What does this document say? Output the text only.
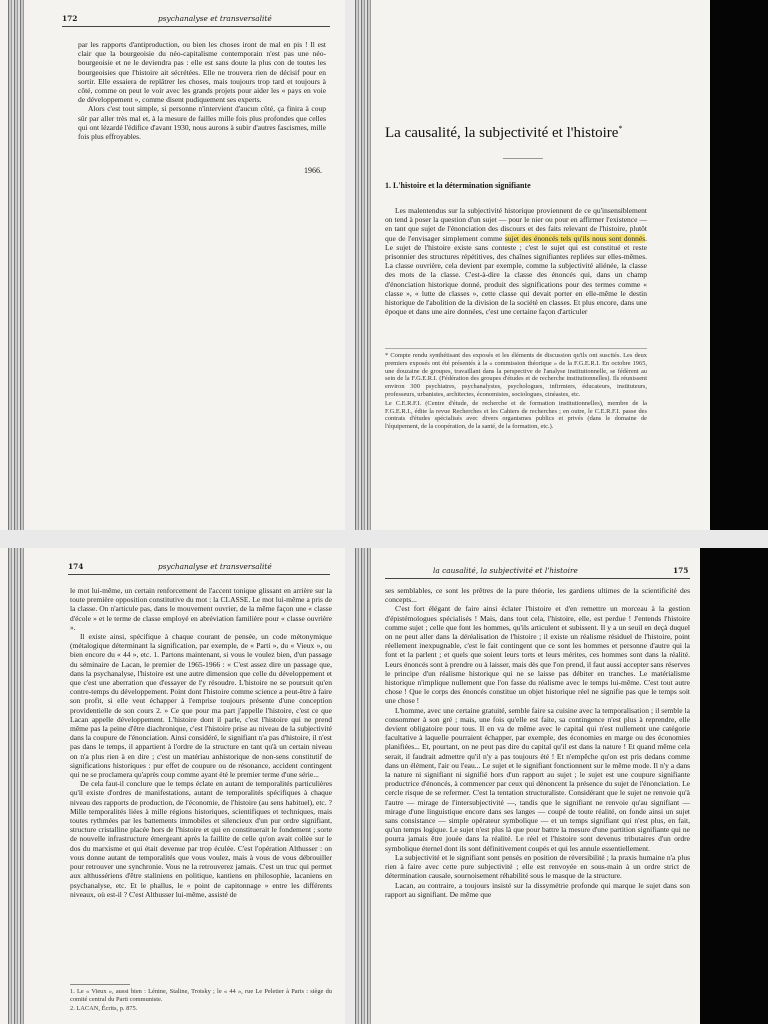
172	psychanalyse et transversalité

par les rapports d'antiproduction, ou bien les choses iront de mal en pis ! Il est clair que la bourgeoisie du néo-capitalisme contemporain n'est pas une néo-bourgeoisie et ne le deviendra pas : elle est sans doute la plus con de toutes les bourgeoisies que l'histoire ait sécrétées. Elle ne trouvera rien de décisif pour en sortir. Elle essaiera de replâtrer les choses, mais toujours trop tard et toujours à côté, comme on peut le voir avec les grands projets pour aider les « pays en voie de développement », comme disent pudiquement ses experts.

Alors c'est tout simple, si personne n'intervient d'aucun côté, ça finira à coup sûr par aller très mal et, à la mesure de failles mille fois plus profondes que celles qui ont lézardé l'édifice d'avant 1930, nous aurons à subir d'autres fascismes, mille fois plus effroyables.

1966.
La causalité, la subjectivité et l'histoire*
1. L'histoire et la détermination signifiante

Les malentendus sur la subjectivité historique proviennent de ce qu'insensiblement on tend à poser la question d'un sujet — pour le nier ou pour en affirmer l'existence — en tant que sujet de l'énonciation des discours et des faits relevant de l'histoire, plutôt que de l'envisager simplement comme sujet des énoncés tels qu'ils nous sont donnés. Le sujet de l'histoire existe sans conteste ; c'est le sujet qui est constitué et reste prisonnier des structures répétitives, des chaînes signifiantes repliées sur elles-mêmes. La classe ouvrière, cela devient par exemple, comme la subjectivité aliénée, la classe des mots de la classe. C'est-à-dire la classe des énoncés qui, dans un champ d'énonciation historique donné, produit des significations pour des termes comme « classe », « lutte de classes », cette classe qui devait porter en elle-même le destin historique de l'abolition de la division de la société en classes. Et plus encore, dans une époque et dans une aire données, c'est une certaine façon d'articuler

* Compte rendu synthétisant des exposés et les éléments de discussion qu'ils ont suscités. Les deux premiers exposés ont été présentés à la « commission théorique » de la F.G.E.R.I. En octobre 1965, une douzaine de groupes, travaillant dans la perspective de l'analyse institutionnelle, se fédèrent au sein de la F.G.E.R.I. (Fédération des groupes d'études et de recherche institutionnelles). Ils réunissent environ 300 psychiatres, psychanalystes, psychologues, infirmiers, éducateurs, instituteurs, professeurs, urbanistes, architectes, économistes, sociologues, cinéastes, etc.

Le C.E.R.F.I. (Centre d'étude, de recherche et de formation institutionnelles), membre de la F.G.E.R.I., édite la revue Recherches et les Cahiers de recherches ; en outre, le C.E.R.F.I. passe des contrats d'études spécialisés avec divers organismes publics et privés (dans le domaine de l'équipement, de la coopération, de la santé, de la formation, etc.).

174	psychanalyse et transversalité

le mot lui-même, un certain renforcement de l'accent tonique glissant en arrière sur la toute première opposition constitutive du mot : la CLASSE. Le mot lui-même a pris de la classe. On n'articule pas, dans le mouvement ouvrier, de la même façon une « classe d'école » et le terme de classe employé en abréviation familière pour « classe ouvrière ».

Il existe ainsi, spécifique à chaque courant de pensée, un code métonymique (métalogique déterminant la signification, par exemple, de « Parti », du « Vieux », ou bien encore du « 44 », etc. 1. Partons maintenant, si vous le voulez bien, d'un passage du séminaire de Lacan, le premier de 1965-1966 : « C'est assez dire un passage que, dans la psychanalyse, l'histoire est une autre dimension que celle du développement et que c'est une aberration que d'essayer de l'y résoudre. L'histoire ne se poursuit qu'en contre-temps du développement. Point dont l'histoire comme science a peut-être à faire son profit, si elle veut échapper à l'emprise toujours présente d'une conception providentielle de son cours 2. » Ce que pour ma part j'appelle l'histoire, c'est ce que Lacan appelle développement. L'histoire dont il parle, c'est l'histoire qui ne prend même pas la peine d'être diachronique, c'est l'histoire prise au niveau de la subjectivité dans la coupure de l'énonciation. Ainsi considéré, le signifiant n'a pas d'histoire, il n'est pas dans le temps, il appartient à l'ordre de la structure en tant qu'à un certain niveau on n'a plus rien à en dire ; c'est un matériau anhistorique de non-sens constitutif de significations historiques : pur effet de coupure ou de résonance, accident contingent qui ne se proclamera qu'après coup comme ayant été le premier terme d'une série...

De cela faut-il conclure que le temps éclate en autant de temporalités particulières qu'il existe d'ordres de manifestations, autant de temporalités spécifiques à chaque niveau des rapports de production, de l'économie, de l'histoire (au sens habituel), etc. ? Mille temporalités liées à mille régions historiques, scientifiques et techniques, mais toutes rythmées par les battements immobiles et silencieux d'un pur ordre signifiant, structure cristalline placée hors de l'histoire et qui en constituerait le fondement ; sorte de nouvelle infrastructure émergeant après la faillite de celle qu'on avait collée sur le dos du marxisme et qui était devenue par trop éculée. C'est l'opération Althusser : on vous donne autant de temporalités que vous voulez, mais à vous de vous débrouiller pour retrouver une synchronie. Vous ne la retrouverez jamais. C'est un truc qui permet aux althussériens d'être staliniens en politique, kantiens en philosophie, lacaniens en psychanalyse, etc. Et le phallus, le « point de capitonnage » entre les différents niveaux, où est-il ? C'est Althusser lui-même, assisté de

1. Le « Vieux », aussi bien : Lénine, Staline, Trotsky ; le « 44 », rue Le Peletier à Paris : siège du comité central du Parti communiste.

2. LACAN, Écrits, p. 875.

la causalité, la subjectivité et l'histoire	175

ses semblables, ce sont les prêtres de la pure théorie, les gardiens ultimes de la scientificité des concepts...

C'est fort élégant de faire ainsi éclater l'histoire et d'en remettre un morceau à la gestion d'épistémologues spécialisés ! Mais, dans tout cela, l'histoire, elle, est perdue ! J'entends l'histoire comme sujet ; celle que font les hommes, qu'ils articulent et subissent. Il y a un seuil en deçà duquel on ne peut aller dans la déréalisation de l'histoire ; il existe un réalisme résiduel de l'histoire, point réellement inexpugnable, c'est le fait contingent que ce sont les hommes et personne d'autre qui la font et la parlent ; et quels que soient leurs torts et leurs mérites, ces hommes sont dans la réalité. Leurs énoncés sont à prendre ou à laisser, mais dès que l'on prend, il faut aussi accepter sans réserves le principe d'un réalisme historique qui ne se laisse pas débiter en tranches. Le matérialisme historique n'implique nullement que l'on fasse du réalisme avec le temps lui-même. C'est tout autre chose ! Que le corps des énoncés constitue un objet historique réel ne signifie pas que le temps soit une chose !

L'homme, avec une certaine gratuité, semble faire sa cuisine avec la temporalisation ; il semble la consommer à son gré ; mais, une fois qu'elle est faite, sa contingence n'est plus à reprendre, elle devient obligatoire pour tous. Il en va de même avec le capital qui n'est nullement une catégorie facultative à laquelle pourraient échapper, par exemple, des économies en marge ou des économies planifiées... Et, pourtant, on ne peut pas dire du capital qu'il est dans la nature ! Et quand même cela serait, il faudrait admettre qu'il n'y a pas toujours été ! Et n'empêche qu'on est pris dedans comme dans un élément, l'air ou l'eau... Le sujet et le signifiant fonctionnent sur le même mode. Il n'y a dans la nature ni signifiant ni signifié hors d'un rapport au sujet ; le sujet est une coupure signifiante productrice d'énoncés, à commencer par ceux qui dénoncent la présence du sujet de l'énonciation. Le cercle risque de se refermer. C'est la tentation structuraliste. Considérant que le sujet ne renvoie qu'à l'autre — mirage de l'intersubjectivité —, tandis que le signifiant ne renvoie qu'au signifiant — mirage d'une linguistique encore dans ses langes — coupé de toute réalité, on fonde ainsi un sujet sans consistance — simple opérateur symbolique — et un temps signifiant qui n'est plus, en fait, qu'un temps logique. Le sujet n'est plus là que pour battre la mesure d'une partition signifiante qui ne pourra jamais être jouée dans la réalité. Le réel et l'histoire sont devenus tributaires d'un ordre symbolique éternel dont ils sont définitivement coupés et qui les annule essentiellement.

La subjectivité et le signifiant sont pensés en position de réversibilité ; la praxis humaine n'a plus rien à faire avec cette pure subjectivité ; elle est renvoyée en sous-main à un ordre strict de détermination causale, sournoisement réhabilité sous le masque de la structure.

Lacan, au contraire, a toujours insisté sur la dissymétrie profonde qui marque le sujet dans son rapport au signifiant. De même que
